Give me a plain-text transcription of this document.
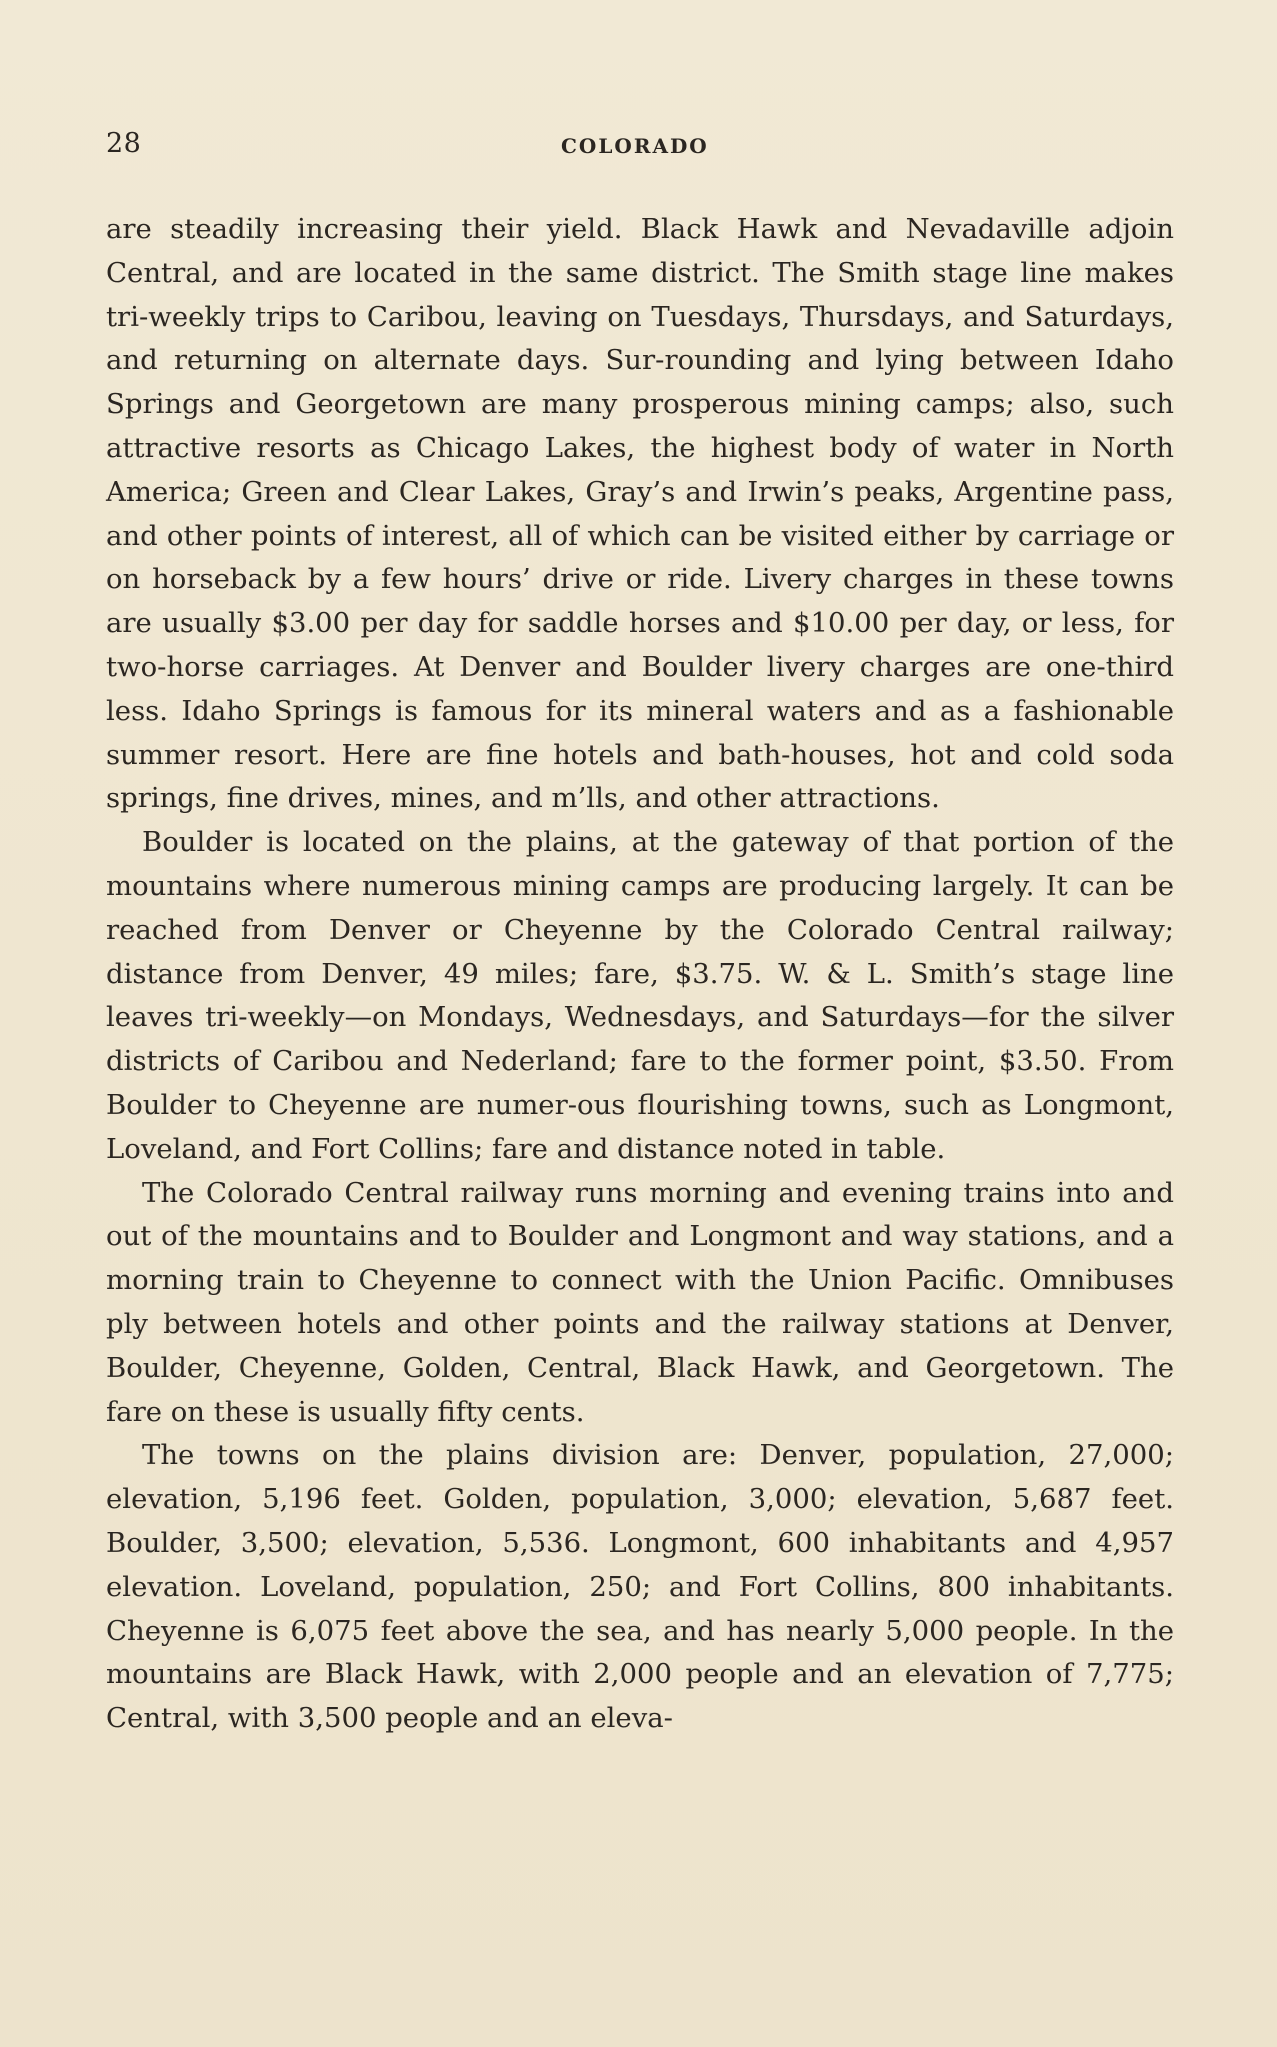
28	COLORADO

are steadily increasing their yield. Black Hawk and Nevadaville adjoin Central, and are located in the same district. The Smith stage line makes tri-weekly trips to Caribou, leaving on Tuesdays, Thursdays, and Saturdays, and returning on alternate days. Sur-rounding and lying between Idaho Springs and Georgetown are many prosperous mining camps; also, such attractive resorts as Chicago Lakes, the highest body of water in North America; Green and Clear Lakes, Gray’s and Irwin’s peaks, Argentine pass, and other points of interest, all of which can be visited either by carriage or on horseback by a few hours’ drive or ride. Livery charges in these towns are usually $3.00 per day for saddle horses and $10.00 per day, or less, for two-horse carriages. At Denver and Boulder livery charges are one-third less. Idaho Springs is famous for its mineral waters and as a fashionable summer resort. Here are fine hotels and bath-houses, hot and cold soda springs, fine drives, mines, and m’lls, and other attractions.

Boulder is located on the plains, at the gateway of that portion of the mountains where numerous mining camps are producing largely. It can be reached from Denver or Cheyenne by the Colorado Central railway; distance from Denver, 49 miles; fare, $3.75. W. & L. Smith’s stage line leaves tri-weekly—on Mondays, Wednesdays, and Saturdays—for the silver districts of Caribou and Nederland; fare to the former point, $3.50. From Boulder to Cheyenne are numer-ous flourishing towns, such as Longmont, Loveland, and Fort Collins; fare and distance noted in table.

The Colorado Central railway runs morning and evening trains into and out of the mountains and to Boulder and Longmont and way stations, and a morning train to Cheyenne to connect with the Union Pacific. Omnibuses ply between hotels and other points and the railway stations at Denver, Boulder, Cheyenne, Golden, Central, Black Hawk, and Georgetown. The fare on these is usually fifty cents.

The towns on the plains division are: Denver, population, 27,000; elevation, 5,196 feet. Golden, population, 3,000; elevation, 5,687 feet. Boulder, 3,500; elevation, 5,536. Longmont, 600 inhabitants and 4,957 elevation. Loveland, population, 250; and Fort Collins, 800 inhabitants. Cheyenne is 6,075 feet above the sea, and has nearly 5,000 people. In the mountains are Black Hawk, with 2,000 people and an elevation of 7,775; Central, with 3,500 people and an eleva-
